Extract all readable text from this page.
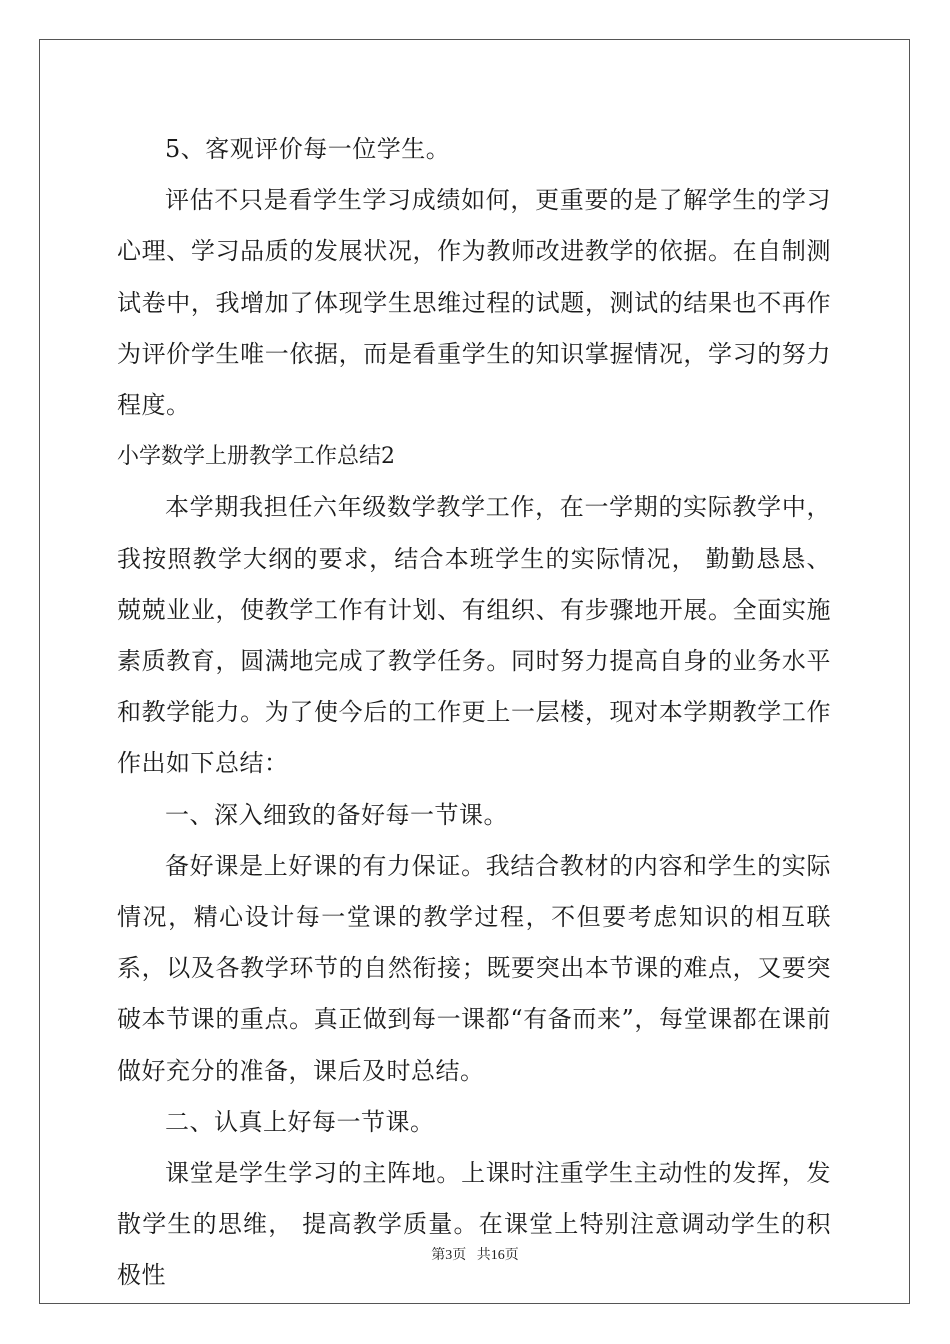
5、客观评价每一位学生。

评估不只是看学生学习成绩如何，更重要的是了解学生的学习心理、学习品质的发展状况，作为教师改进教学的依据。在自制测试卷中，我增加了体现学生思维过程的试题，测试的结果也不再作为评价学生唯一依据，而是看重学生的知识掌握情况，学习的努力程度。

小学数学上册教学工作总结2

本学期我担任六年级数学教学工作，在一学期的实际教学中，我按照教学大纲的要求，结合本班学生的实际情况， 勤勤恳恳、兢兢业业，使教学工作有计划、有组织、有步骤地开展。全面实施素质教育，圆满地完成了教学任务。同时努力提高自身的业务水平和教学能力。为了使今后的工作更上一层楼，现对本学期教学工作作出如下总结：

一、深入细致的备好每一节课。

备好课是上好课的有力保证。我结合教材的内容和学生的实际情况，精心设计每一堂课的教学过程，不但要考虑知识的相互联系，以及各教学环节的自然衔接；既要突出本节课的难点，又要突破本节课的重点。真正做到每一课都“有备而来”，每堂课都在课前做好充分的准备，课后及时总结。

二、认真上好每一节课。

课堂是学生学习的主阵地。上课时注重学生主动性的发挥，发散学生的思维， 提高教学质量。在课堂上特别注意调动学生的积极性

第3页 共16页
